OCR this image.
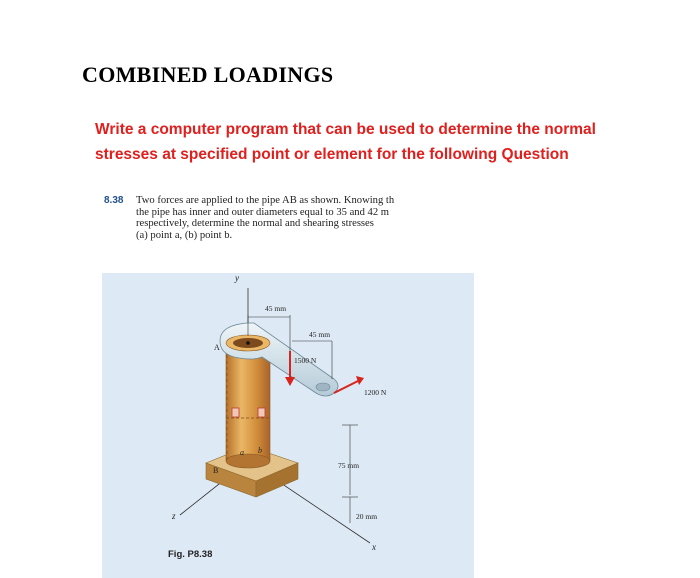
COMBINED LOADINGS
Write a computer program that can be used to determine the normal
stresses at specified point or element for the following Question
8.38 Two forces are applied to the pipe AB as shown. Knowing th
the pipe has inner and outer diameters equal to 35 and 42 m
respectively, determine the normal and shearing stresses
(a) point a, (b) point b.
y
x
z
A
B
a b
45 mm
45 mm
1500 N
1200 N
75 mm
20 mm
Fig. P8.38
